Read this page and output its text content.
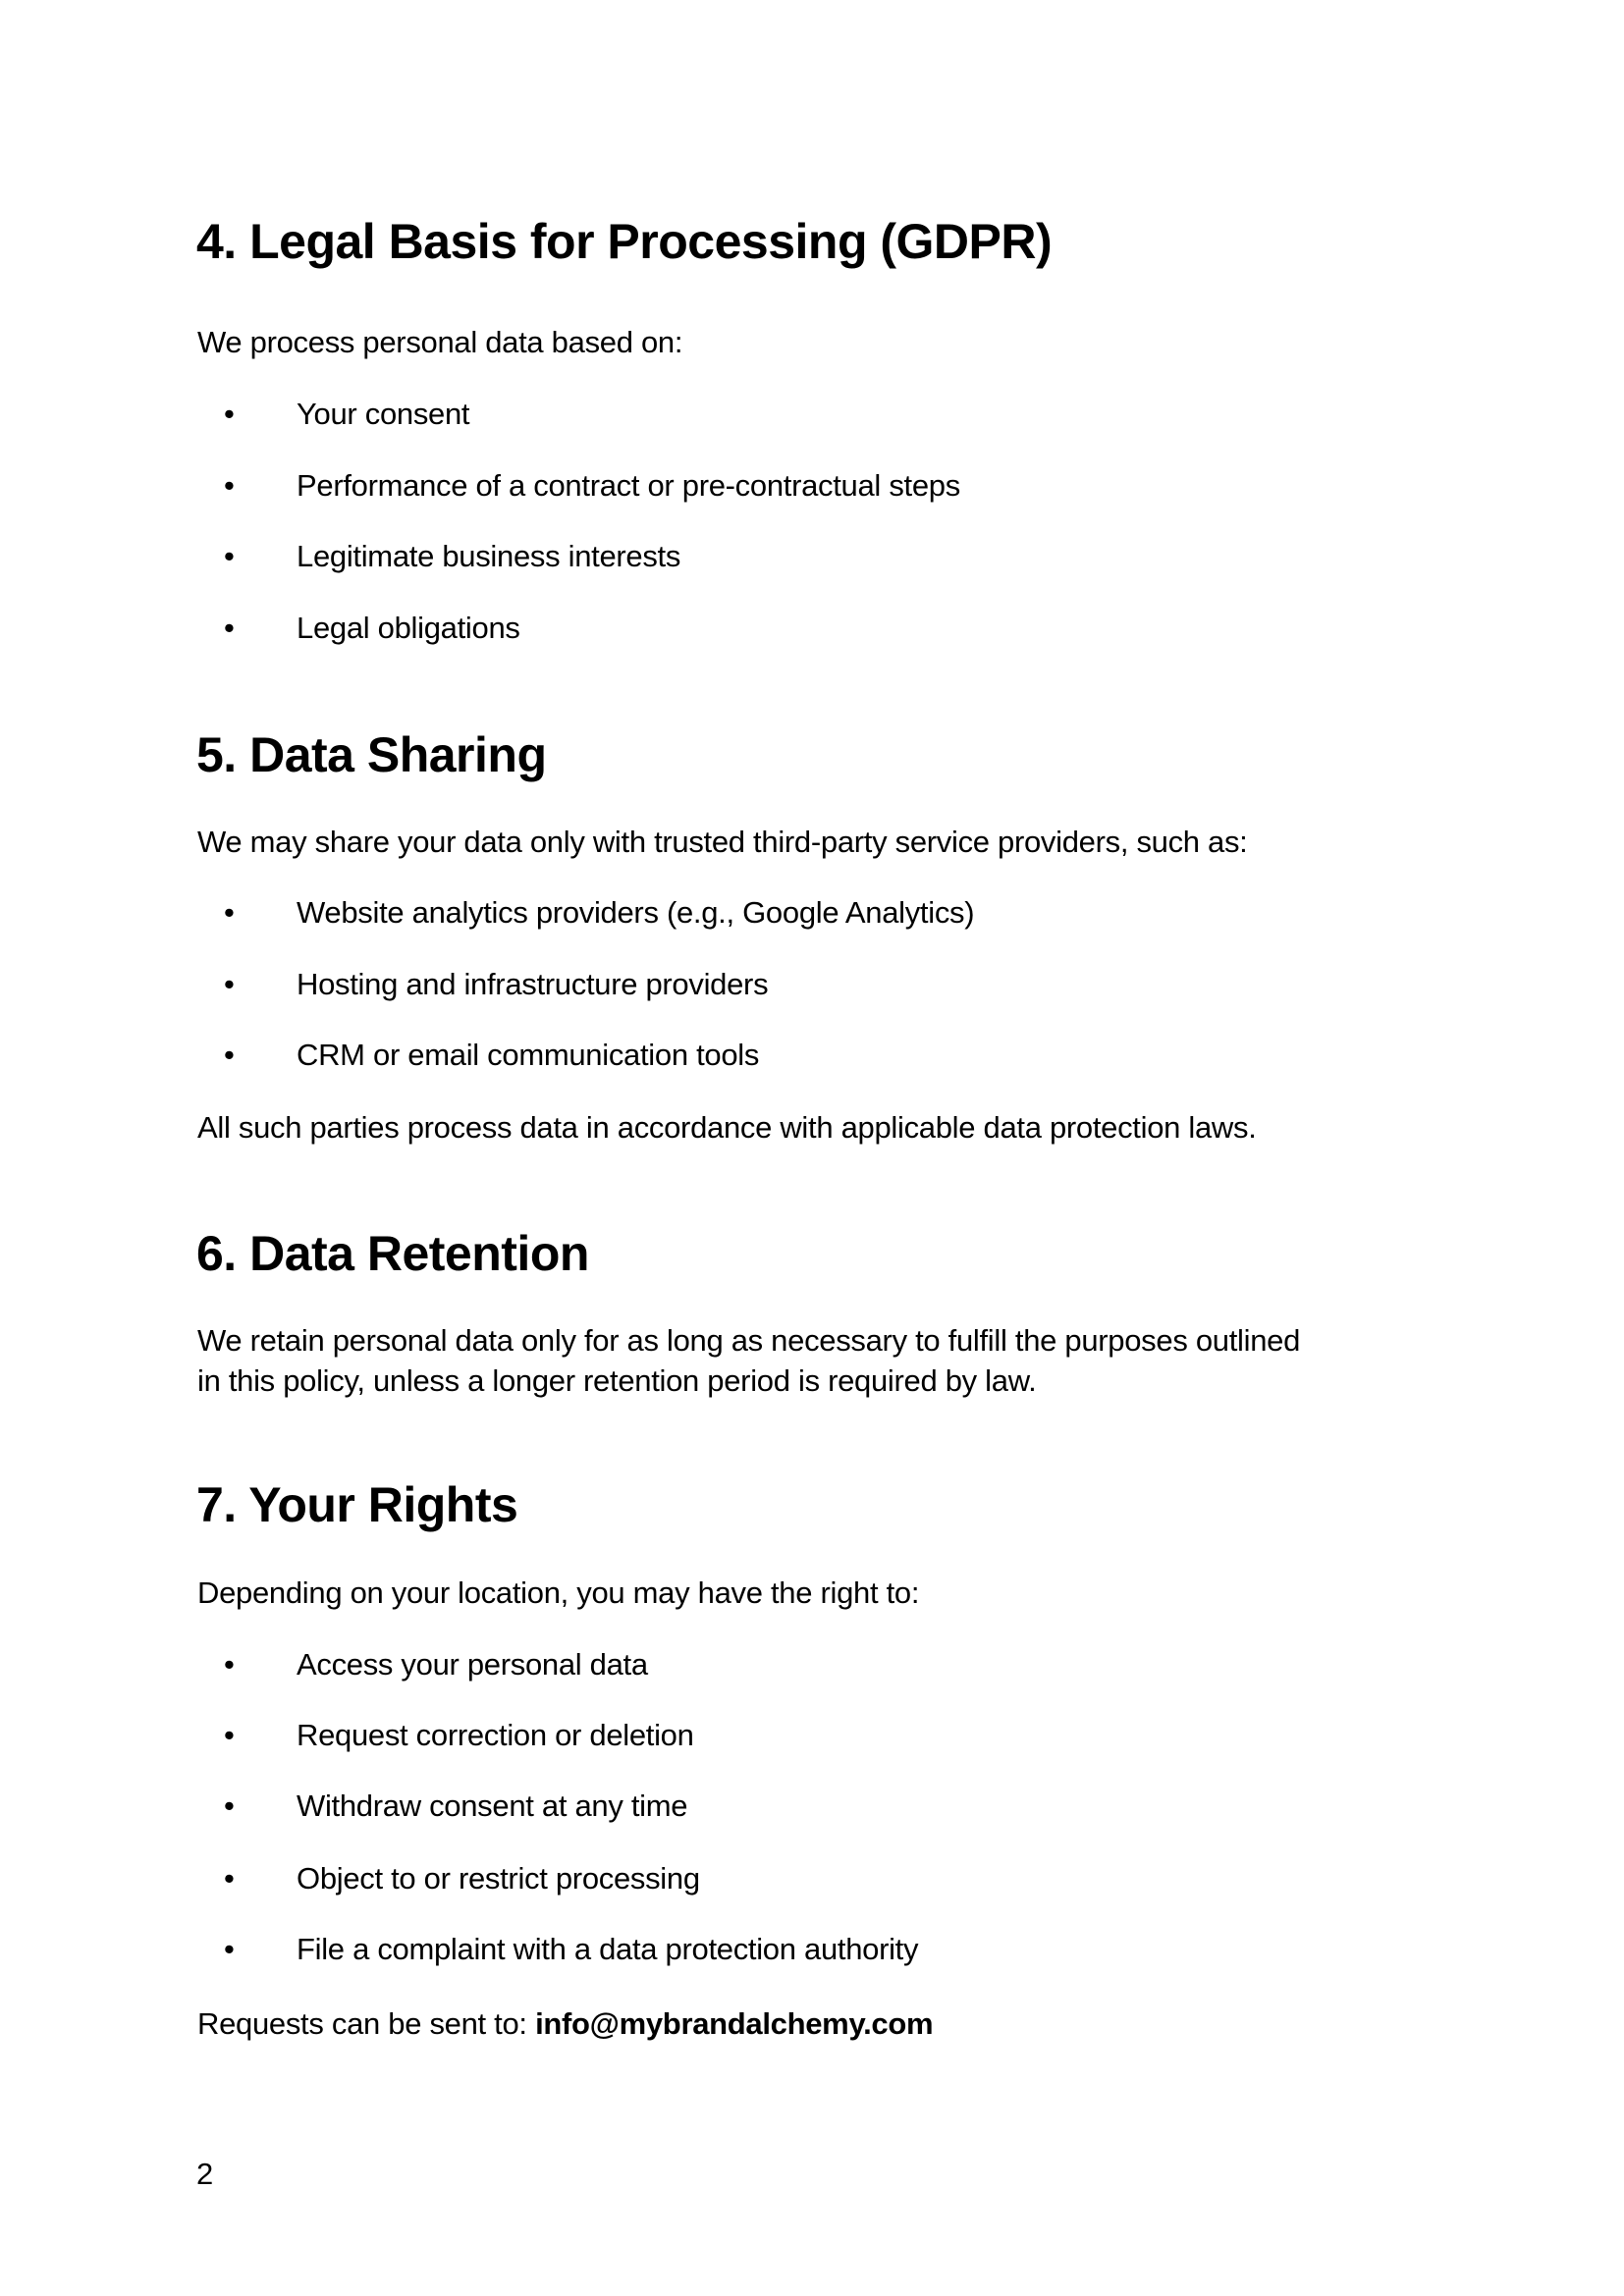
4. Legal Basis for Processing (GDPR)
We process personal data based on:
• Your consent
• Performance of a contract or pre-contractual steps
• Legitimate business interests
• Legal obligations
5. Data Sharing
We may share your data only with trusted third-party service providers, such as:
• Website analytics providers (e.g., Google Analytics)
• Hosting and infrastructure providers
• CRM or email communication tools
All such parties process data in accordance with applicable data protection laws.
6. Data Retention
We retain personal data only for as long as necessary to fulfill the purposes outlined
in this policy, unless a longer retention period is required by law.
7. Your Rights
Depending on your location, you may have the right to:
• Access your personal data
• Request correction or deletion
• Withdraw consent at any time
• Object to or restrict processing
• File a complaint with a data protection authority
Requests can be sent to: info@mybrandalchemy.com
2
